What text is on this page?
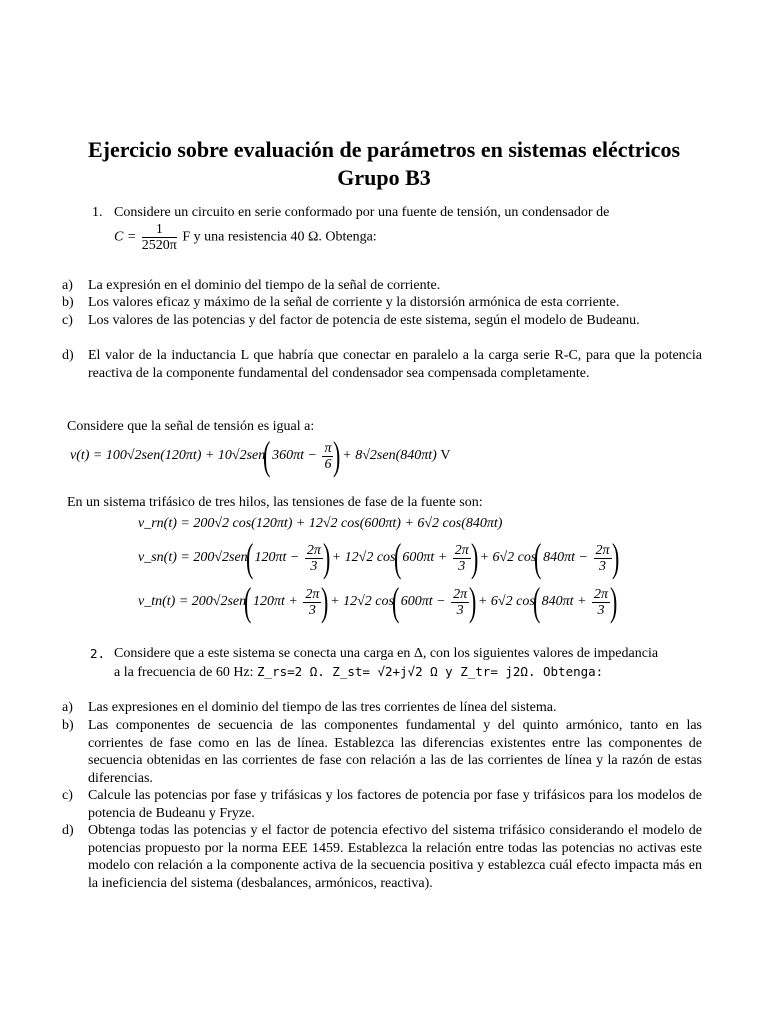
Ejercicio sobre evaluación de parámetros en sistemas eléctricos
Grupo B3
1. Considere un circuito en serie conformado por una fuente de tensión, un condensador de
$C = \frac{1}{2520\pi}$ F y una resistencia 40 Ω. Obtenga:
a) La expresión en el dominio del tiempo de la señal de corriente.
b) Los valores eficaz y máximo de la señal de corriente y la distorsión armónica de esta corriente.
c) Los valores de las potencias y del factor de potencia de este sistema, según el modelo de Budeanu.
d) El valor de la inductancia L que habría que conectar en paralelo a la carga serie R-C, para que la potencia reactiva de la componente fundamental del condensador sea compensada completamente.
Considere que la señal de tensión es igual a:
v(t) = 100√2sen(120πt) + 10√2sen( $360\pi t - \frac{\pi}{6}$ ) + 8√2sen(840πt) V
En un sistema trifásico de tres hilos, las tensiones de fase de la fuente son:
v_rn(t) = 200√2 cos(120πt) + 12√2 cos(600πt) + 6√2 cos(840πt)
v_sn(t) = 200√2sen( $120\pi t - \frac{2\pi}{3}$ ) + 12√2 cos( $600\pi t + \frac{2\pi}{3}$ ) + 6√2 cos( $840\pi t - \frac{2\pi}{3}$ )
v_tn(t) = 200√2sen( $120\pi t + \frac{2\pi}{3}$ ) + 12√2 cos( $600\pi t - \frac{2\pi}{3}$ ) + 6√2 cos( $840\pi t + \frac{2\pi}{3}$ )
2. Considere que a este sistema se conecta una carga en Δ, con los siguientes valores de impedancia
a la frecuencia de 60 Hz: Z_rs=2 Ω. Z_st= √2+j√2 Ω y Z_tr= j2Ω. Obtenga:
a) Las expresiones en el dominio del tiempo de las tres corrientes de línea del sistema.
b) Las componentes de secuencia de las componentes fundamental y del quinto armónico, tanto en las corrientes de fase como en las de línea. Establezca las diferencias existentes entre las componentes de secuencia obtenidas en las corrientes de fase con relación a las de las corrientes de línea y la razón de estas diferencias.
c) Calcule las potencias por fase y trifásicas y los factores de potencia por fase y trifásicos para los modelos de potencia de Budeanu y Fryze.
d) Obtenga todas las potencias y el factor de potencia efectivo del sistema trifásico considerando el modelo de potencias propuesto por la norma EEE 1459. Establezca la relación entre todas las potencias no activas este modelo con relación a la componente activa de la secuencia positiva y establezca cuál efecto impacta más en la ineficiencia del sistema (desbalances, armónicos, reactiva).
